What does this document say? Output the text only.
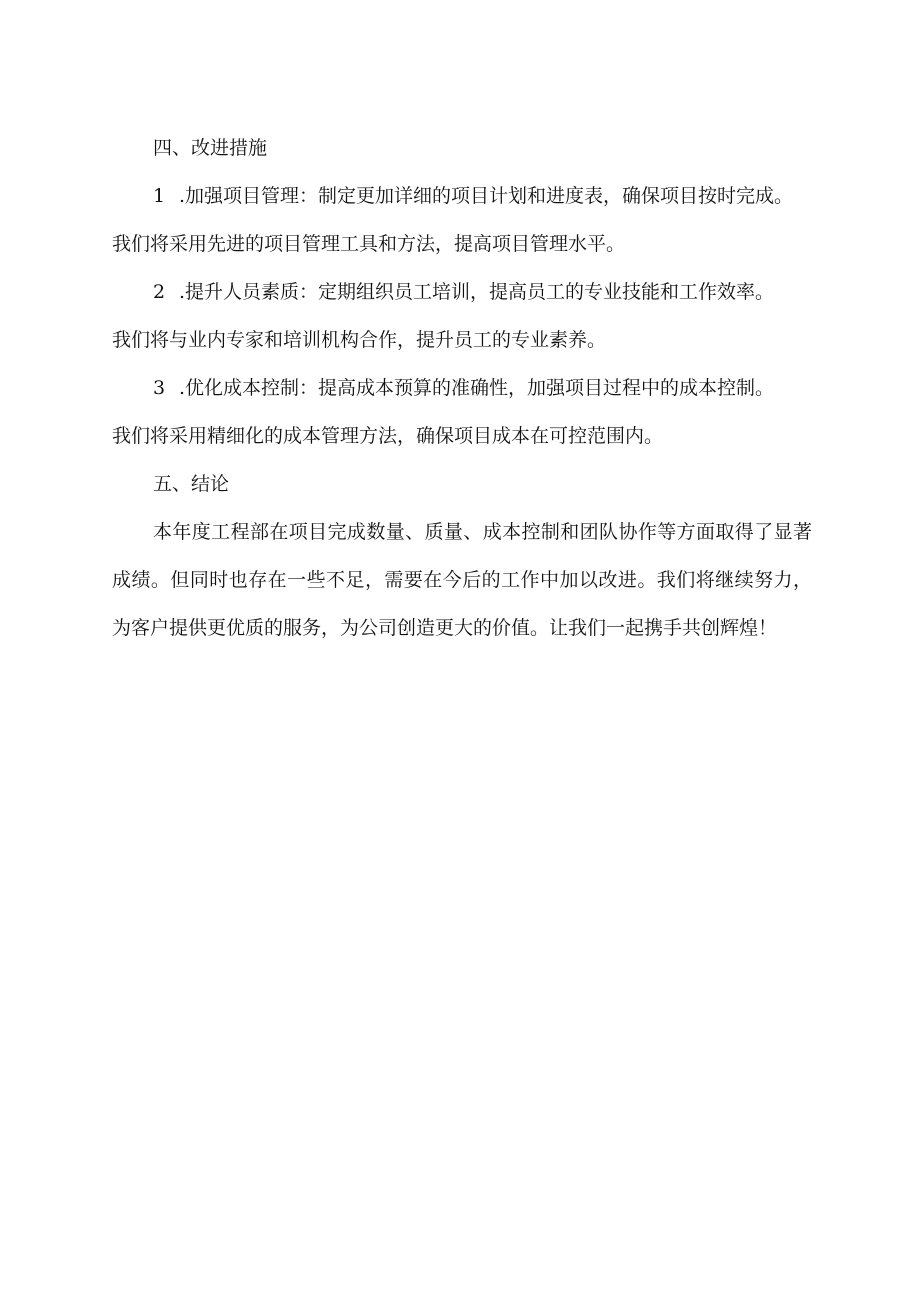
四、改进措施

1 .加强项目管理：制定更加详细的项目计划和进度表，确保项目按时完成。
我们将采用先进的项目管理工具和方法，提高项目管理水平。
2 .提升人员素质：定期组织员工培训，提高员工的专业技能和工作效率。
我们将与业内专家和培训机构合作，提升员工的专业素养。
3 .优化成本控制：提高成本预算的准确性，加强项目过程中的成本控制。
我们将采用精细化的成本管理方法，确保项目成本在可控范围内。

五、结论

本年度工程部在项目完成数量、质量、成本控制和团队协作等方面取得了显著成绩。但同时也存在一些不足，需要在今后的工作中加以改进。我们将继续努力，为客户提供更优质的服务，为公司创造更大的价值。让我们一起携手共创辉煌！
